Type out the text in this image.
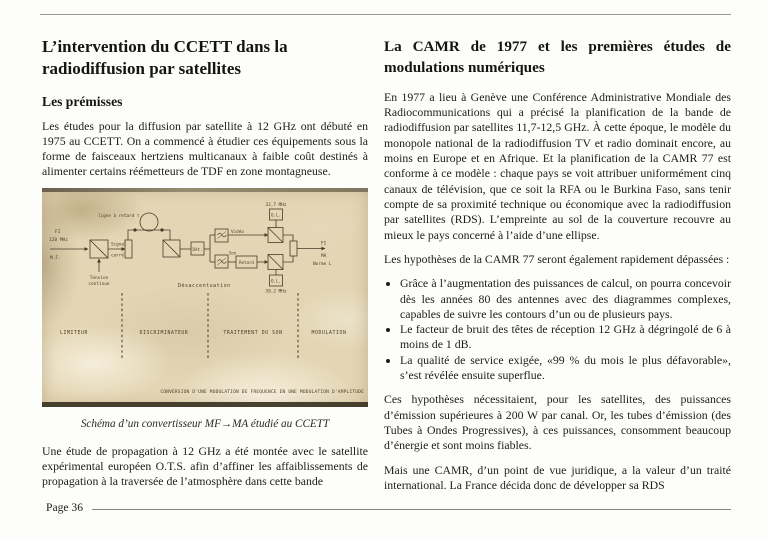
L’intervention du CCETT dans la radiodiffusion par satellites
Les prémisses

Les études pour la diffusion par satellite à 12 GHz ont débuté en 1975 au CCETT. On a commencé à étudier ces équipements sous la forme de faisceaux hertziens multicanaux à faible coût destinés à alimenter certains réémetteurs de TDF en zone montagneuse.

FI
120 MHz
M.F.
Tension
continue
Signal
carré
ligne à retard τ
Dét.
Vidéo
Son
Retard
O.L.
O.L.
32,7 MHz
39,2 MHz
FI
MA
Norme L
Désaccentuation
LIMITEUR	DISCRIMINATEUR	TRAITEMENT DU SON	MODULATION
CONVERSION D'UNE MODULATION DE FREQUENCE EN UNE MODULATION D'AMPLITUDE
Schéma d’un convertisseur MF→MA étudié au CCETT

Une étude de propagation à 12 GHz a été montée avec le satellite expérimental européen O.T.S. afin d’affiner les affaiblissements de propagation à la traversée de l’atmosphère dans cette bande

La CAMR de 1977 et les premières études de modulations numériques

En 1977 a lieu à Genève une Conférence Administrative Mondiale des Radiocommunications qui a précisé la planification de la bande de radiodiffusion par satellites 11,7-12,5 GHz. À cette époque, le modèle du monopole national de la radiodiffusion TV et radio dominait encore, au moins en Europe et en Afrique. Et la planification de la CAMR 77 est conforme à ce modèle : chaque pays se voit attribuer uniformément cinq canaux de télévision, que ce soit la RFA ou le Burkina Faso, sans tenir compte de sa proximité technique ou économique avec la radiodiffusion par satellites (RDS). L’empreinte au sol de la couverture recouvre au mieux le pays concerné à l’aide d’une ellipse.

Les hypothèses de la CAMR 77 seront également rapidement dépassées :

• Grâce à l’augmentation des puissances de calcul, on pourra concevoir dès les années 80 des antennes avec des diagrammes complexes, capables de suivre les contours d’un ou de plusieurs pays.
• Le facteur de bruit des têtes de réception 12 GHz à dégringolé de 6 à moins de 1 dB.
• La qualité de service exigée, «99 % du mois le plus défavorable», s’est révélée ensuite superflue.

Ces hypothèses nécessitaient, pour les satellites, des puissances d’émission supérieures à 200 W par canal. Or, les tubes d’émission (des Tubes à Ondes Progressives), à ces puissances, consomment beaucoup d’énergie et sont moins fiables.

Mais une CAMR, d’un point de vue juridique, a la valeur d’un traité international. La France décida donc de développer sa RDS

Page 36
